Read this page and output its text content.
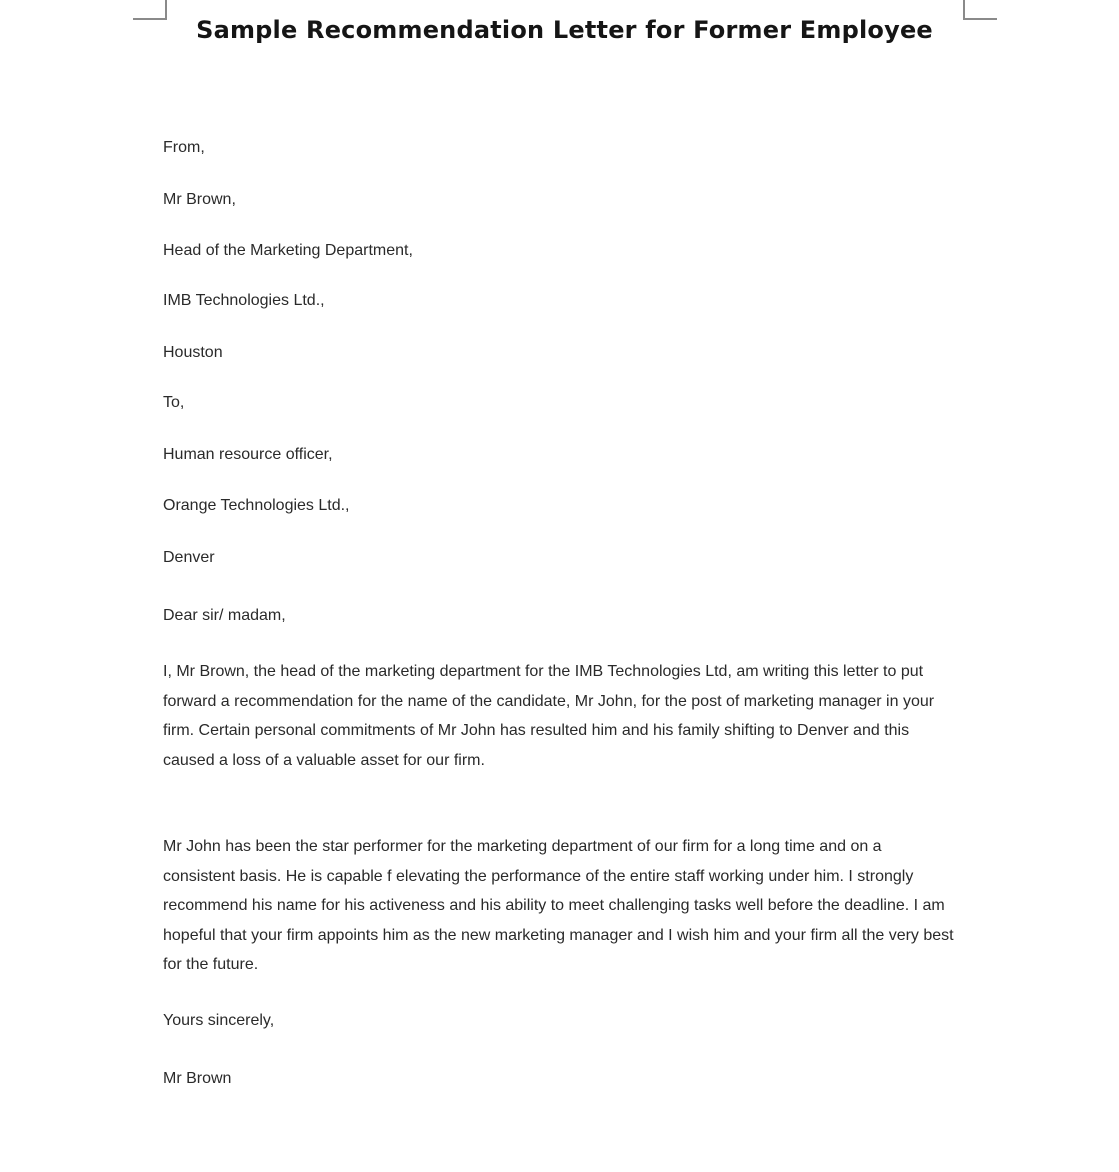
Sample Recommendation Letter for Former Employee
From,
Mr Brown,
Head of the Marketing Department,
IMB Technologies Ltd.,
Houston
To,
Human resource officer,
Orange Technologies Ltd.,
Denver
Dear sir/ madam,

I, Mr Brown, the head of the marketing department for the IMB Technologies Ltd, am writing this letter to put forward a recommendation for the name of the candidate, Mr John, for the post of marketing manager in your firm. Certain personal commitments of Mr John has resulted him and his family shifting to Denver and this caused a loss of a valuable asset for our firm.

Mr John has been the star performer for the marketing department of our firm for a long time and on a consistent basis. He is capable f elevating the performance of the entire staff working under him. I strongly recommend his name for his activeness and his ability to meet challenging tasks well before the deadline. I am hopeful that your firm appoints him as the new marketing manager and I wish him and your firm all the very best for the future.

Yours sincerely,
Mr Brown
